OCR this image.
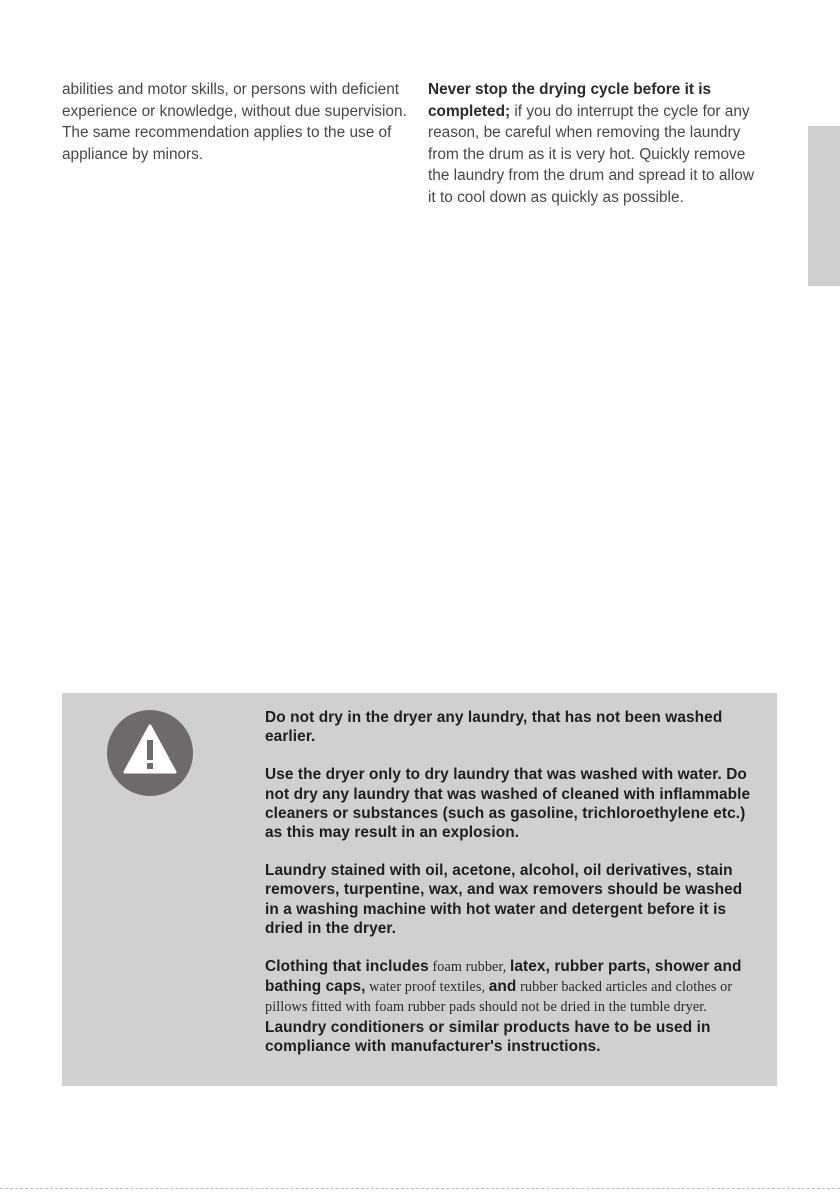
abilities and motor skills, or persons with deficient experience or knowledge, without due supervision. The same recommendation applies to the use of appliance by minors.
Never stop the drying cycle before it is completed; if you do interrupt the cycle for any reason, be careful when removing the laundry from the drum as it is very hot. Quickly remove the laundry from the drum and spread it to allow it to cool down as quickly as possible.

Do not dry in the dryer any laundry, that has not been washed earlier.

Use the dryer only to dry laundry that was washed with water. Do not dry any laundry that was washed of cleaned with inflammable cleaners or substances (such as gasoline, trichloroethylene etc.) as this may result in an explosion.

Laundry stained with oil, acetone, alcohol, oil derivatives, stain removers, turpentine, wax, and wax removers should be washed in a washing machine with hot water and detergent before it is dried in the dryer.

Clothing that includes foam rubber, latex, rubber parts, shower and bathing caps, water proof textiles, and rubber backed articles and clothes or pillows fitted with foam rubber pads should not be dried in the tumble dryer.

Laundry conditioners or similar products have to be used in compliance with manufacturer's instructions.
